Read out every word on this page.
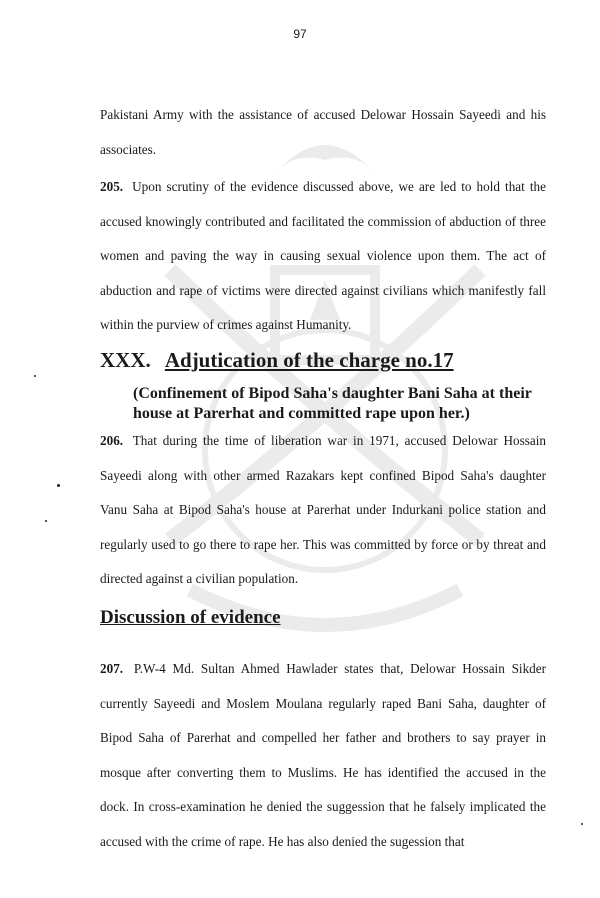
97

Pakistani Army with the assistance of accused Delowar Hossain Sayeedi and his associates.

205. Upon scrutiny of the evidence discussed above, we are led to hold that the accused knowingly contributed and facilitated the commission of abduction of three women and paving the way in causing sexual violence upon them. The act of abduction and rape of victims were directed against civilians which manifestly fall within the purview of crimes against Humanity.

XXX. Adjutication of the charge no.17

(Confinement of Bipod Saha's daughter Bani Saha at their house at Parerhat and committed rape upon her.)

206. That during the time of liberation war in 1971, accused Delowar Hossain Sayeedi along with other armed Razakars kept confined Bipod Saha's daughter Vanu Saha at Bipod Saha's house at Parerhat under Indurkani police station and regularly used to go there to rape her. This was committed by force or by threat and directed against a civilian population.

Discussion of evidence

207. P.W-4 Md. Sultan Ahmed Hawlader states that, Delowar Hossain Sikder currently Sayeedi and Moslem Moulana regularly raped Bani Saha, daughter of Bipod Saha of Parerhat and compelled her father and brothers to say prayer in mosque after converting them to Muslims. He has identified the accused in the dock. In cross-examination he denied the suggession that he falsely implicated the accused with the crime of rape. He has also denied the sugession that
